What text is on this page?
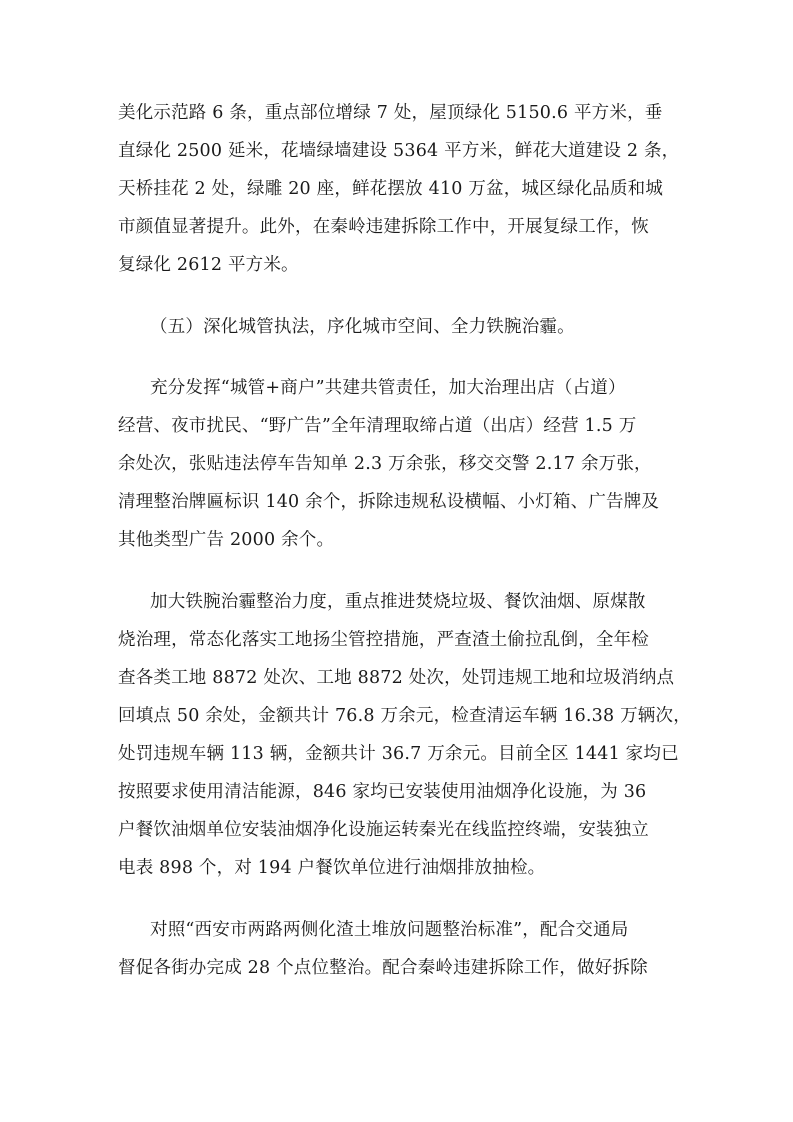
美化示范路 6 条，重点部位增绿 7 处，屋顶绿化 5150.6 平方米，垂
直绿化 2500 延米，花墙绿墙建设 5364 平方米，鲜花大道建设 2 条，
天桥挂花 2 处，绿雕 20 座，鲜花摆放 410 万盆，城区绿化品质和城
市颜值显著提升。此外，在秦岭违建拆除工作中，开展复绿工作，恢
复绿化 2612 平方米。
（五）深化城管执法，序化城市空间、全力铁腕治霾。
充分发挥“城管+商户”共建共管责任，加大治理出店（占道）
经营、夜市扰民、“野广告”全年清理取缔占道（出店）经营 1.5 万
余处次，张贴违法停车告知单 2.3 万余张，移交交警 2.17 余万张，
清理整治牌匾标识 140 余个，拆除违规私设横幅、小灯箱、广告牌及
其他类型广告 2000 余个。
加大铁腕治霾整治力度，重点推进焚烧垃圾、餐饮油烟、原煤散
烧治理，常态化落实工地扬尘管控措施，严查渣土偷拉乱倒，全年检
查各类工地 8872 处次、工地 8872 处次，处罚违规工地和垃圾消纳点
回填点 50 余处，金额共计 76.8 万余元，检查清运车辆 16.38 万辆次，
处罚违规车辆 113 辆，金额共计 36.7 万余元。目前全区 1441 家均已
按照要求使用清洁能源，846 家均已安装使用油烟净化设施，为 36
户餐饮油烟单位安装油烟净化设施运转秦光在线监控终端，安装独立
电表 898 个，对 194 户餐饮单位进行油烟排放抽检。
对照“西安市两路两侧化渣土堆放问题整治标准”，配合交通局
督促各街办完成 28 个点位整治。配合秦岭违建拆除工作，做好拆除
